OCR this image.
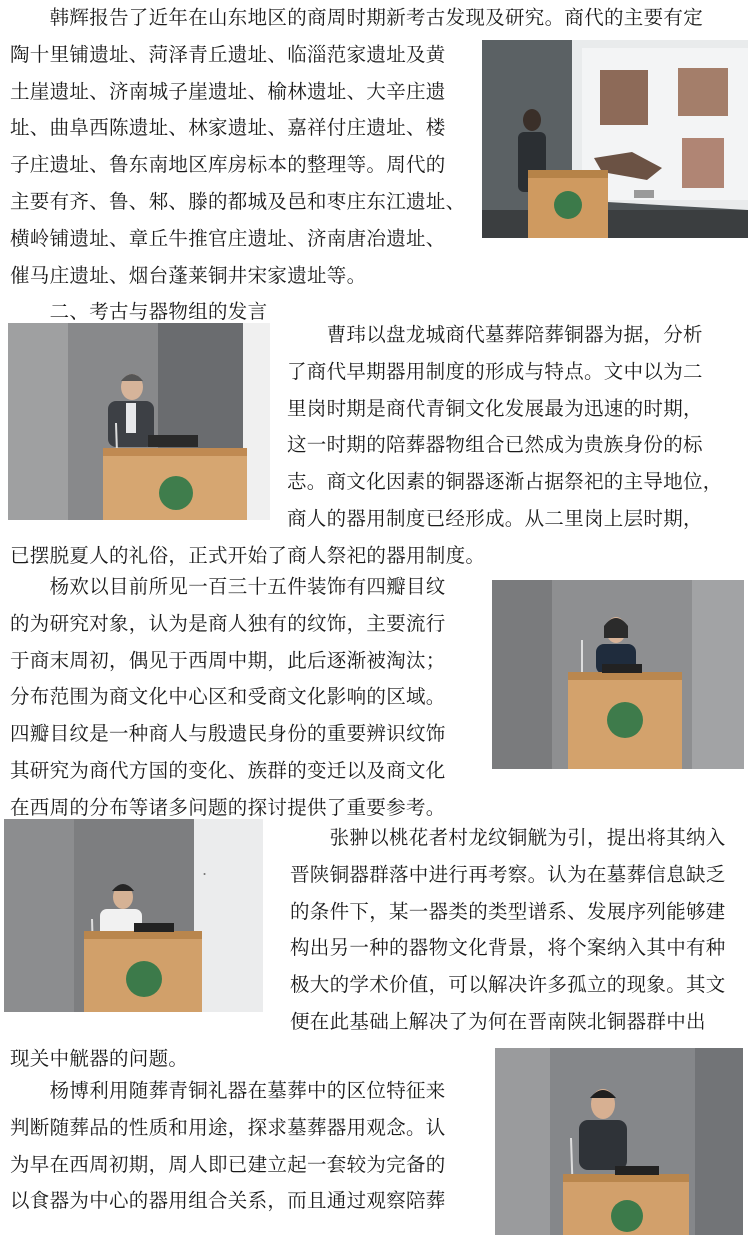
　　韩辉报告了近年在山东地区的商周时期新考古发现及研究。商代的主要有定
陶十里铺遗址、菏泽青丘遗址、临淄范家遗址及黄
土崖遗址、济南城子崖遗址、榆林遗址、大辛庄遗
址、曲阜西陈遗址、林家遗址、嘉祥付庄遗址、楼
子庄遗址、鲁东南地区库房标本的整理等。周代的
主要有齐、鲁、邾、滕的都城及邑和枣庄东江遗址、
横岭铺遗址、章丘牛推官庄遗址、济南唐冶遗址、
催马庄遗址、烟台蓬莱铜井宋家遗址等。
　　二、考古与器物组的发言
　　曹玮以盘龙城商代墓葬陪葬铜器为据，分析
了商代早期器用制度的形成与特点。文中以为二
里岗时期是商代青铜文化发展最为迅速的时期，
这一时期的陪葬器物组合已然成为贵族身份的标
志。商文化因素的铜器逐渐占据祭祀的主导地位，
商人的器用制度已经形成。从二里岗上层时期，
已摆脱夏人的礼俗，正式开始了商人祭祀的器用制度。
　　杨欢以目前所见一百三十五件装饰有四瓣目纹
的为研究对象，认为是商人独有的纹饰，主要流行
于商末周初，偶见于西周中期，此后逐渐被淘汰；
分布范围为商文化中心区和受商文化影响的区域。
四瓣目纹是一种商人与殷遗民身份的重要辨识纹饰
其研究为商代方国的变化、族群的变迁以及商文化
在西周的分布等诸多问题的探讨提供了重要参考。
.
　　张翀以桃花者村龙纹铜觥为引，提出将其纳入
晋陕铜器群落中进行再考察。认为在墓葬信息缺乏
的条件下，某一器类的类型谱系、发展序列能够建
构出另一种的器物文化背景，将个案纳入其中有种
极大的学术价值，可以解决许多孤立的现象。其文
便在此基础上解决了为何在晋南陕北铜器群中出
现关中觥器的问题。
　　杨博利用随葬青铜礼器在墓葬中的区位特征来
判断随葬品的性质和用途，探求墓葬器用观念。认
为早在西周初期，周人即已建立起一套较为完备的
以食器为中心的器用组合关系，而且通过观察陪葬
